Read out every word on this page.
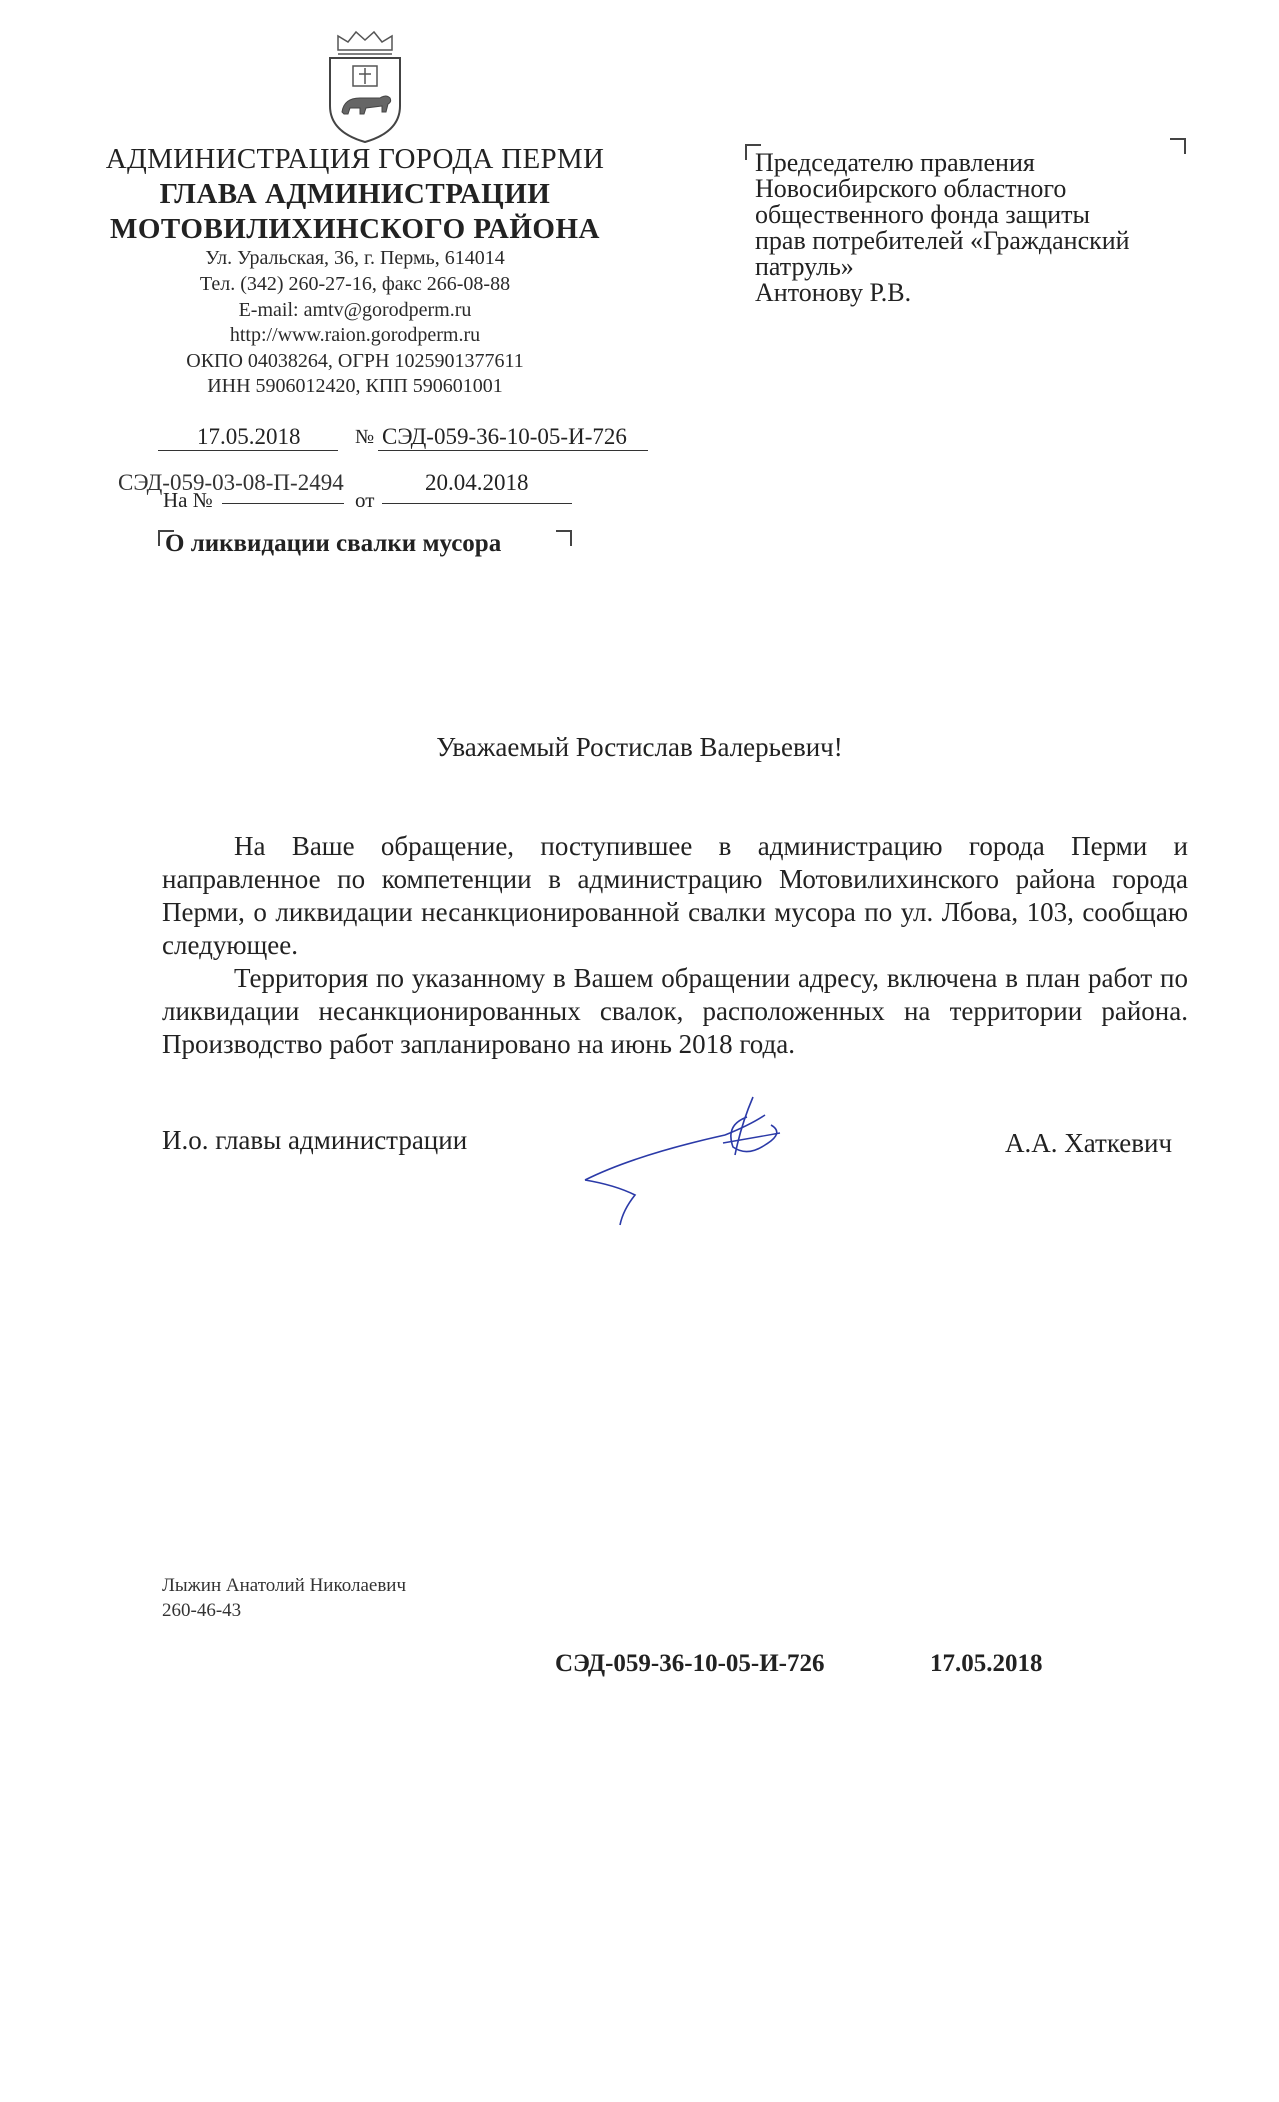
АДМИНИСТРАЦИЯ ГОРОДА ПЕРМИ
ГЛАВА АДМИНИСТРАЦИИ
МОТОВИЛИХИНСКОГО РАЙОНА
Ул. Уральская, 36, г. Пермь, 614014
Тел. (342) 260-27-16, факс 266-08-88
E-mail: amtv@gorodperm.ru
http://www.raion.gorodperm.ru
ОКПО 04038264, ОГРН 1025901377611
ИНН 5906012420, КПП 590601001
Председателю правления
Новосибирского областного
общественного фонда защиты
прав потребителей «Гражданский
патруль»
Антонову Р.В.
17.05.2018	№ СЭД-059-36-10-05-И-726
На №
СЭД-059-03-08-П-2494
от
20.04.2018
О ликвидации свалки мусора
Уважаемый Ростислав Валерьевич!

На Ваше обращение, поступившее в администрацию города Перми и направленное по компетенции в администрацию Мотовилихинского района города Перми, о ликвидации несанкционированной свалки мусора по ул. Лбова, 103, сообщаю следующее.

Территория по указанному в Вашем обращении адресу, включена в план работ по ликвидации несанкционированных свалок, расположенных на территории района. Производство работ запланировано на июнь 2018 года.

И.о. главы администрации	А.А. Хаткевич
Лыжин Анатолий Николаевич
260-46-43
СЭД-059-36-10-05-И-726	17.05.2018
